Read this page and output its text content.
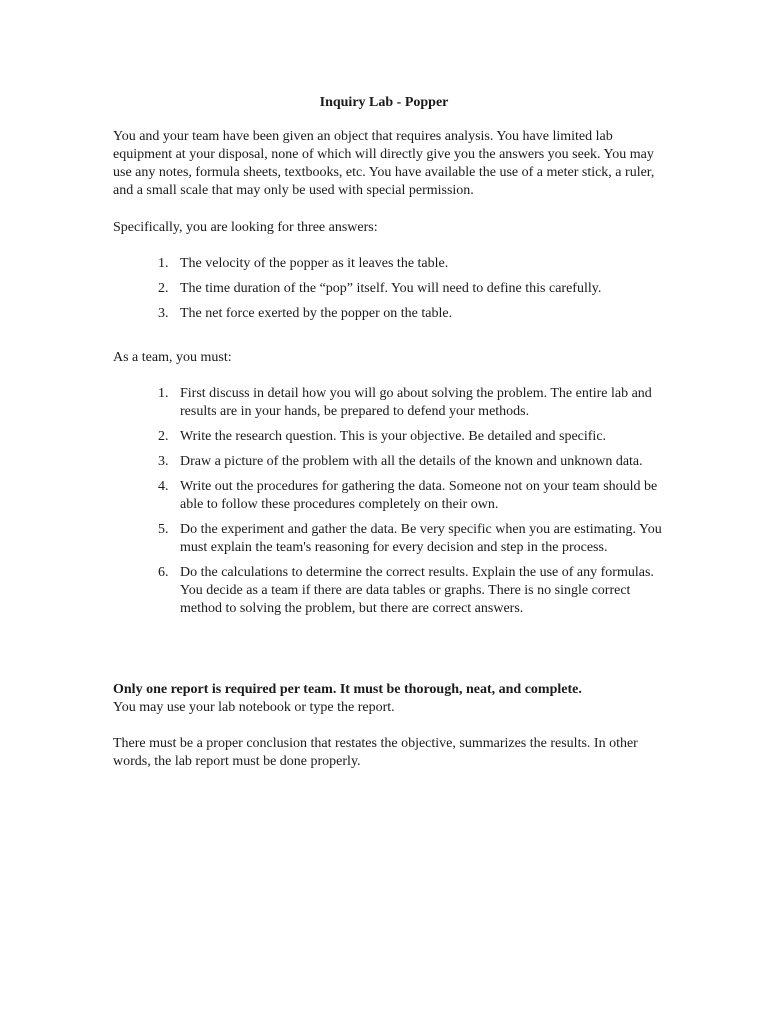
Inquiry Lab - Popper

You and your team have been given an object that requires analysis. You have limited lab equipment at your disposal, none of which will directly give you the answers you seek. You may use any notes, formula sheets, textbooks, etc. You have available the use of a meter stick, a ruler, and a small scale that may only be used with special permission.

Specifically, you are looking for three answers:

1. The velocity of the popper as it leaves the table.
2. The time duration of the “pop” itself. You will need to define this carefully.
3. The net force exerted by the popper on the table.

As a team, you must:

1. First discuss in detail how you will go about solving the problem. The entire lab and results are in your hands, be prepared to defend your methods.
2. Write the research question. This is your objective. Be detailed and specific.
3. Draw a picture of the problem with all the details of the known and unknown data.
4. Write out the procedures for gathering the data. Someone not on your team should be able to follow these procedures completely on their own.
5. Do the experiment and gather the data. Be very specific when you are estimating. You must explain the team's reasoning for every decision and step in the process.
6. Do the calculations to determine the correct results. Explain the use of any formulas. You decide as a team if there are data tables or graphs. There is no single correct method to solving the problem, but there are correct answers.

Only one report is required per team. It must be thorough, neat, and complete.

You may use your lab notebook or type the report.

There must be a proper conclusion that restates the objective, summarizes the results. In other words, the lab report must be done properly.
